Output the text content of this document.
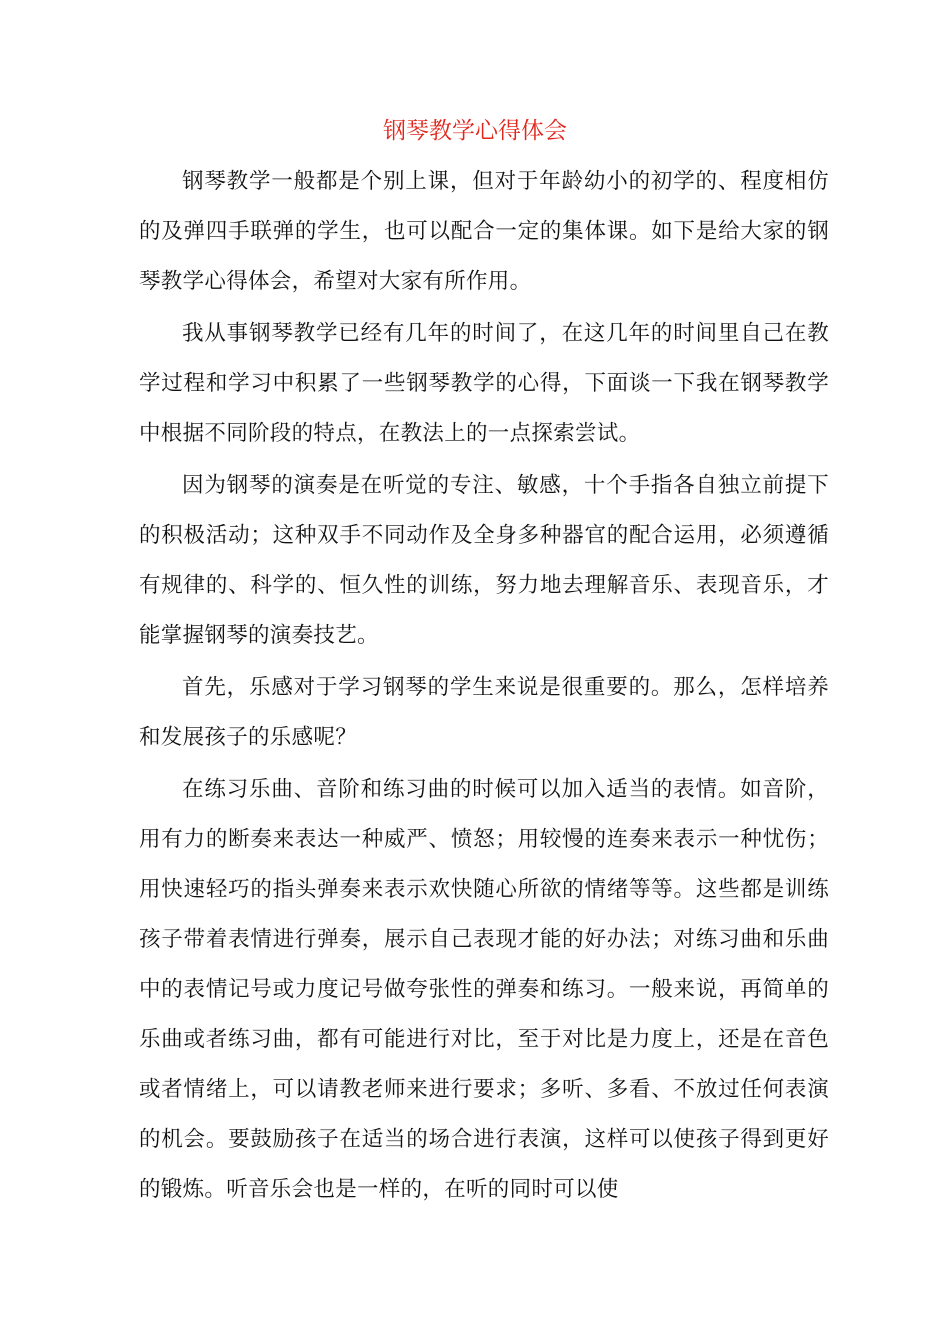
钢琴教学心得体会

钢琴教学一般都是个别上课，但对于年龄幼小的初学的、程度相仿的及弹四手联弹的学生，也可以配合一定的集体课。如下是给大家的钢琴教学心得体会，希望对大家有所作用。

我从事钢琴教学已经有几年的时间了，在这几年的时间里自己在教学过程和学习中积累了一些钢琴教学的心得，下面谈一下我在钢琴教学中根据不同阶段的特点，在教法上的一点探索尝试。

因为钢琴的演奏是在听觉的专注、敏感，十个手指各自独立前提下的积极活动；这种双手不同动作及全身多种器官的配合运用，必须遵循有规律的、科学的、恒久性的训练，努力地去理解音乐、表现音乐，才能掌握钢琴的演奏技艺。

首先，乐感对于学习钢琴的学生来说是很重要的。那么，怎样培养和发展孩子的乐感呢？

在练习乐曲、音阶和练习曲的时候可以加入适当的表情。如音阶，用有力的断奏来表达一种威严、愤怒；用较慢的连奏来表示一种忧伤；用快速轻巧的指头弹奏来表示欢快随心所欲的情绪等等。这些都是训练孩子带着表情进行弹奏，展示自己表现才能的好办法；对练习曲和乐曲中的表情记号或力度记号做夸张性的弹奏和练习。一般来说，再简单的乐曲或者练习曲，都有可能进行对比，至于对比是力度上，还是在音色或者情绪上，可以请教老师来进行要求；多听、多看、不放过任何表演的机会。要鼓励孩子在适当的场合进行表演，这样可以使孩子得到更好的锻炼。听音乐会也是一样的，在听的同时可以使
